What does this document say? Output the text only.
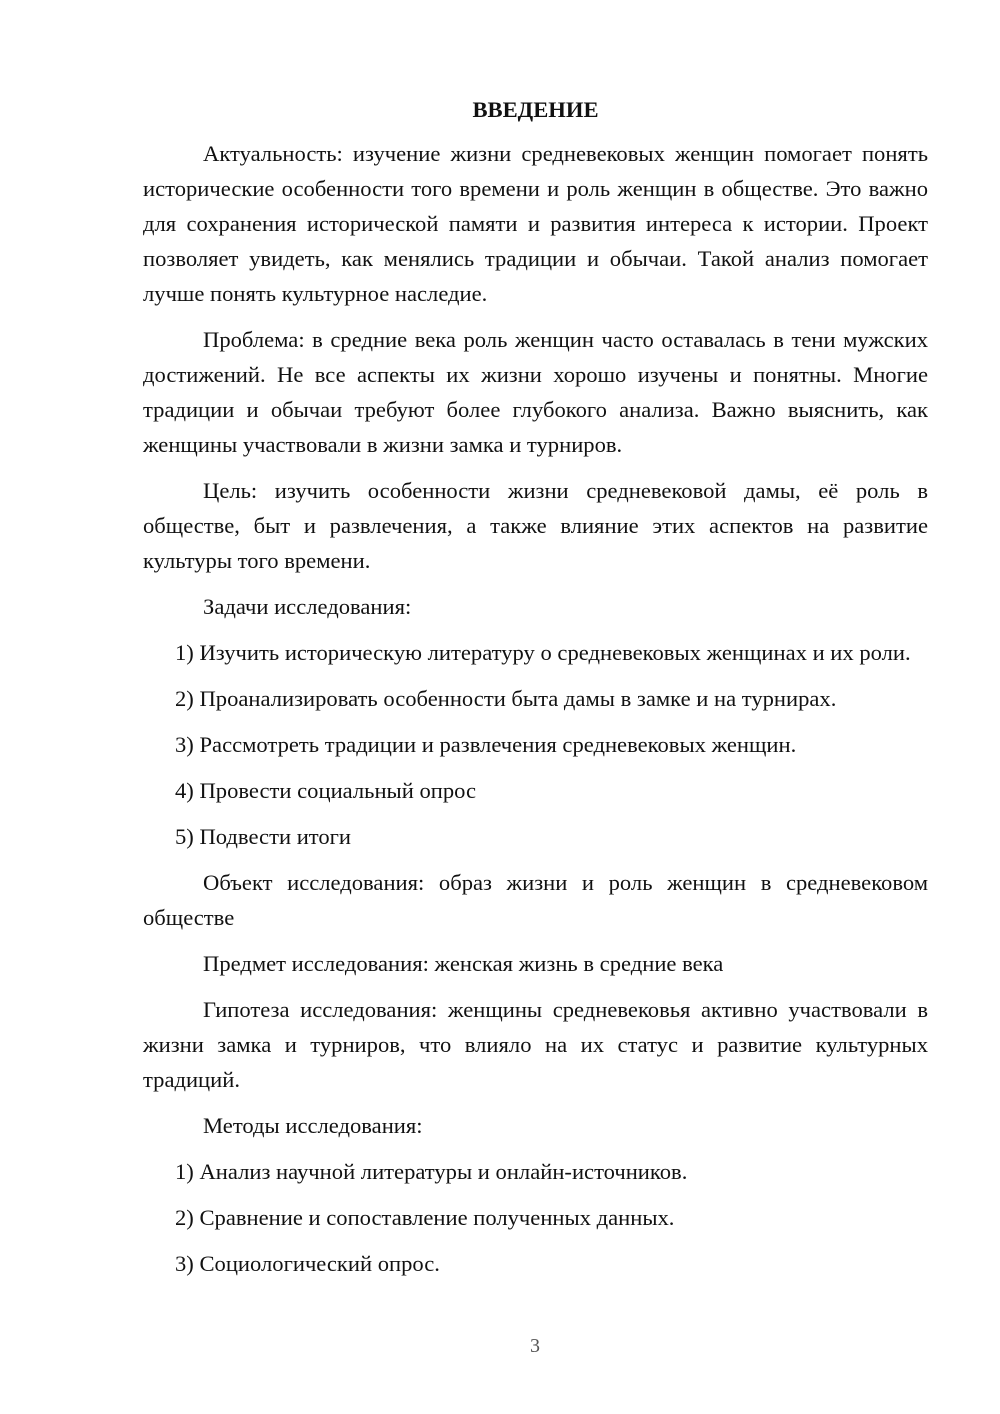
ВВЕДЕНИЕ

Актуальность: изучение жизни средневековых женщин помогает понять исторические особенности того времени и роль женщин в обществе. Это важно для сохранения исторической памяти и развития интереса к истории. Проект позволяет увидеть, как менялись традиции и обычаи. Такой анализ помогает лучше понять культурное наследие.

Проблема: в средние века роль женщин часто оставалась в тени мужских достижений. Не все аспекты их жизни хорошо изучены и понятны. Многие традиции и обычаи требуют более глубокого анализа. Важно выяснить, как женщины участвовали в жизни замка и турниров.

Цель: изучить особенности жизни средневековой дамы, её роль в обществе, быт и развлечения, а также влияние этих аспектов на развитие культуры того времени.

Задачи исследования:

1) Изучить историческую литературу о средневековых женщинах и их роли.

2) Проанализировать особенности быта дамы в замке и на турнирах.

3) Рассмотреть традиции и развлечения средневековых женщин.

4) Провести социальный опрос

5) Подвести итоги

Объект исследования: образ жизни и роль женщин в средневековом обществе

Предмет исследования: женская жизнь в средние века

Гипотеза исследования: женщины средневековья активно участвовали в жизни замка и турниров, что влияло на их статус и развитие культурных традиций.

Методы исследования:

1) Анализ научной литературы и онлайн-источников.

2) Сравнение и сопоставление полученных данных.

3) Социологический опрос.

3
